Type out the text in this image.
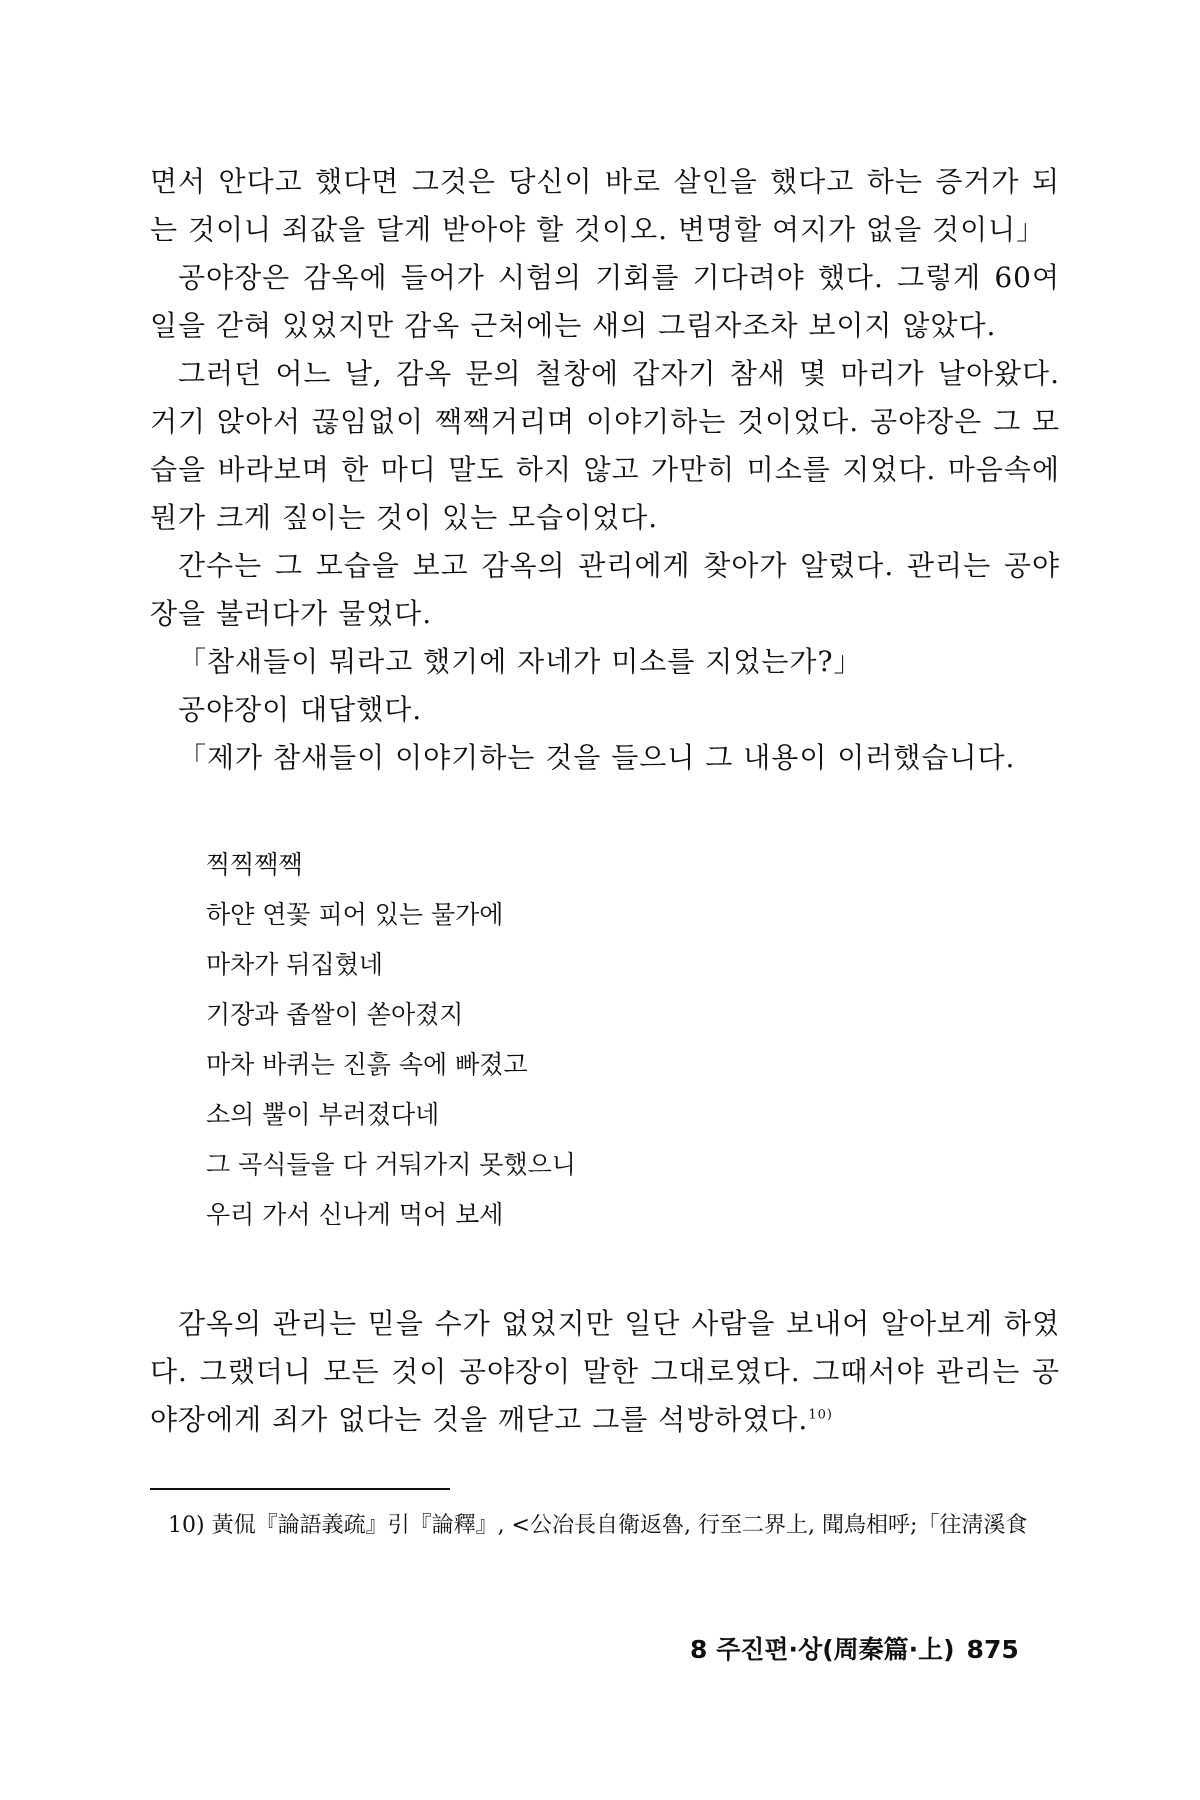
면서 안다고 했다면 그것은 당신이 바로 살인을 했다고 하는 증거가 되는 것이니 죄값을 달게 받아야 할 것이오. 변명할 여지가 없을 것이니」

공야장은 감옥에 들어가 시험의 기회를 기다려야 했다. 그렇게 60여 일을 갇혀 있었지만 감옥 근처에는 새의 그림자조차 보이지 않았다.

그러던 어느 날, 감옥 문의 철창에 갑자기 참새 몇 마리가 날아왔다. 거기 앉아서 끊임없이 짹짹거리며 이야기하는 것이었다. 공야장은 그 모습을 바라보며 한 마디 말도 하지 않고 가만히 미소를 지었다. 마음속에 뭔가 크게 짚이는 것이 있는 모습이었다.

간수는 그 모습을 보고 감옥의 관리에게 찾아가 알렸다. 관리는 공야장을 불러다가 물었다.

「참새들이 뭐라고 했기에 자네가 미소를 지었는가?」

공야장이 대답했다.

「제가 참새들이 이야기하는 것을 들으니 그 내용이 이러했습니다.

찍찍짹짹
하얀 연꽃 피어 있는 물가에
마차가 뒤집혔네
기장과 좁쌀이 쏟아졌지
마차 바퀴는 진흙 속에 빠졌고
소의 뿔이 부러졌다네
그 곡식들을 다 거둬가지 못했으니
우리 가서 신나게 먹어 보세

감옥의 관리는 믿을 수가 없었지만 일단 사람을 보내어 알아보게 하였다. 그랬더니 모든 것이 공야장이 말한 그대로였다. 그때서야 관리는 공야장에게 죄가 없다는 것을 깨닫고 그를 석방하였다.$^{10)}$

10) 黃侃『論語義疏』引『論釋』, <公冶長自衛返魯, 行至二界上, 聞鳥相呼;「往淸溪食
8 주진편·상(周秦篇·上) 875
